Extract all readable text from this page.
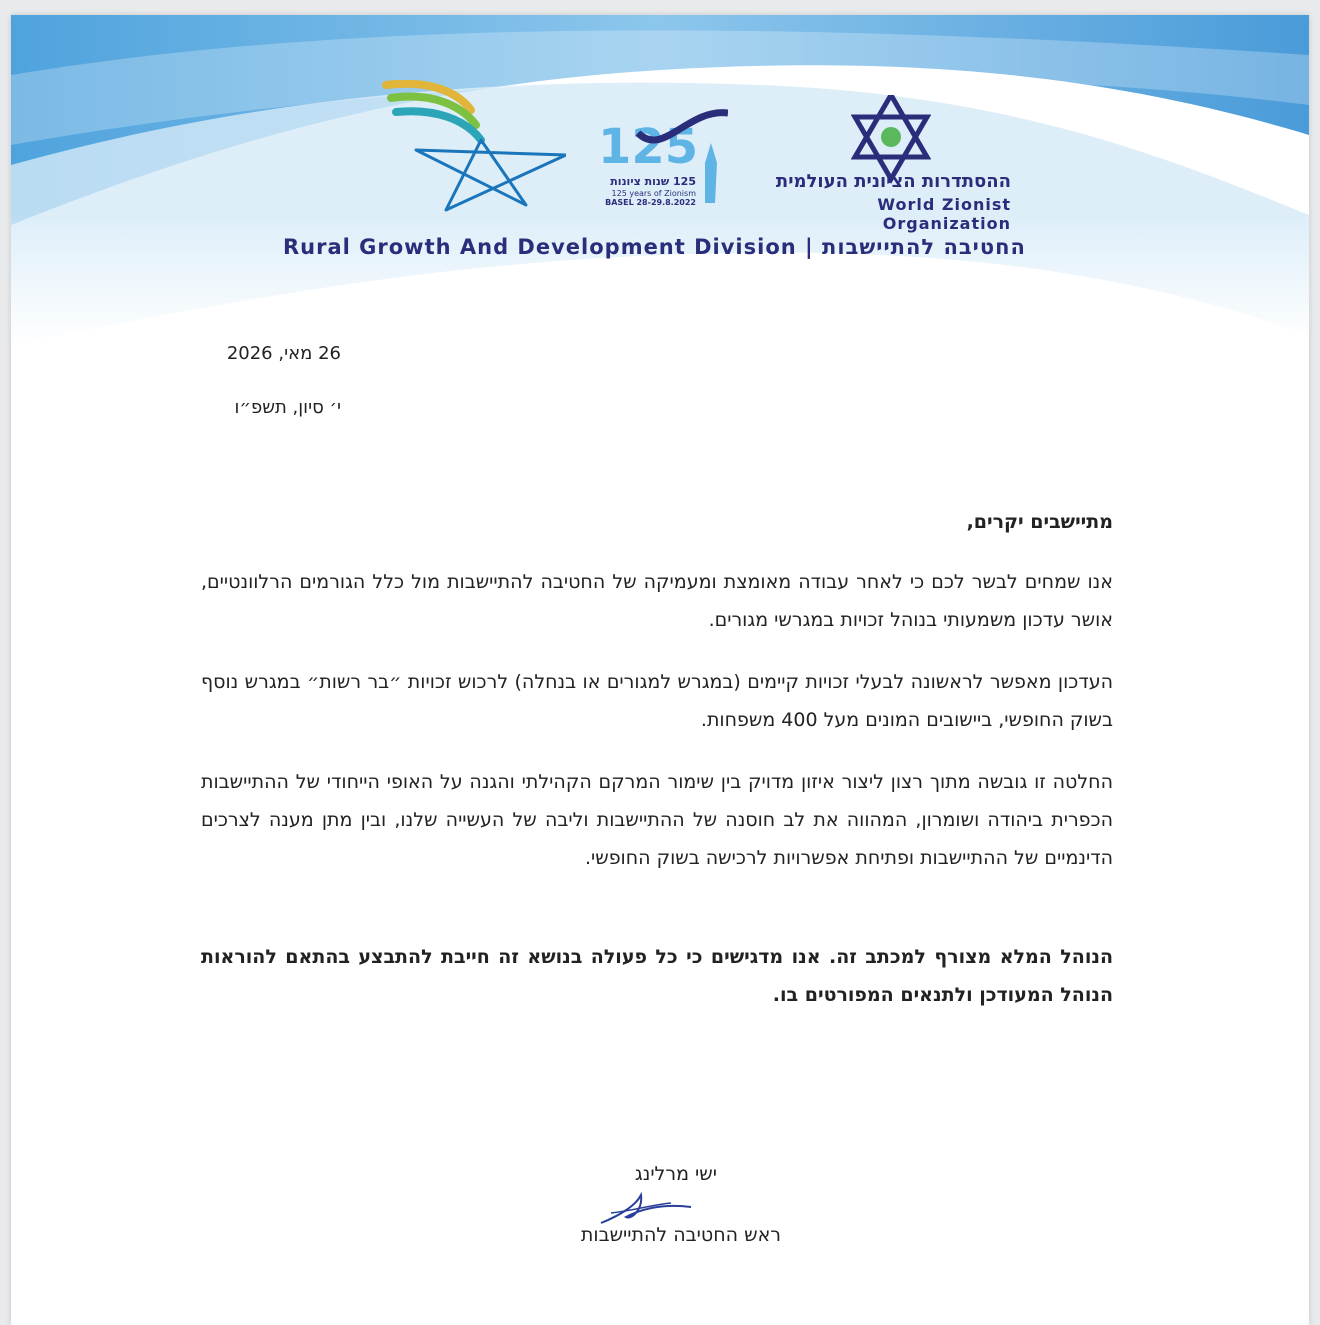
125
125 שנות ציונות
125 years of Zionism
BASEL 28-29.8.2022
ההסתדרות הציונית העולמית
World Zionist Organization
Rural Growth And Development Division | החטיבה להתיישבות
26 מאי, 2026
י׳ סיון, תשפ״ו
מתיישבים יקרים,
אנו שמחים לבשר לכם כי לאחר עבודה מאומצת ומעמיקה של החטיבה להתיישבות מול כלל הגורמים הרלוונטיים, אושר עדכון משמעותי בנוהל זכויות במגרשי מגורים.
העדכון מאפשר לראשונה לבעלי זכויות קיימים (במגרש למגורים או בנחלה) לרכוש זכויות ״בר רשות״ במגרש נוסף בשוק החופשי, ביישובים המונים מעל 400 משפחות.
החלטה זו גובשה מתוך רצון ליצור איזון מדויק בין שימור המרקם הקהילתי והגנה על האופי הייחודי של ההתיישבות הכפרית ביהודה ושומרון, המהווה את לב חוסנה של ההתיישבות וליבה של העשייה שלנו, ובין מתן מענה לצרכים הדינמיים של ההתיישבות ופתיחת אפשרויות לרכישה בשוק החופשי.
הנוהל המלא מצורף למכתב זה. אנו מדגישים כי כל פעולה בנושא זה חייבת להתבצע בהתאם להוראות הנוהל המעודכן ולתנאים המפורטים בו.
ישי מרלינג
ראש החטיבה להתיישבות
